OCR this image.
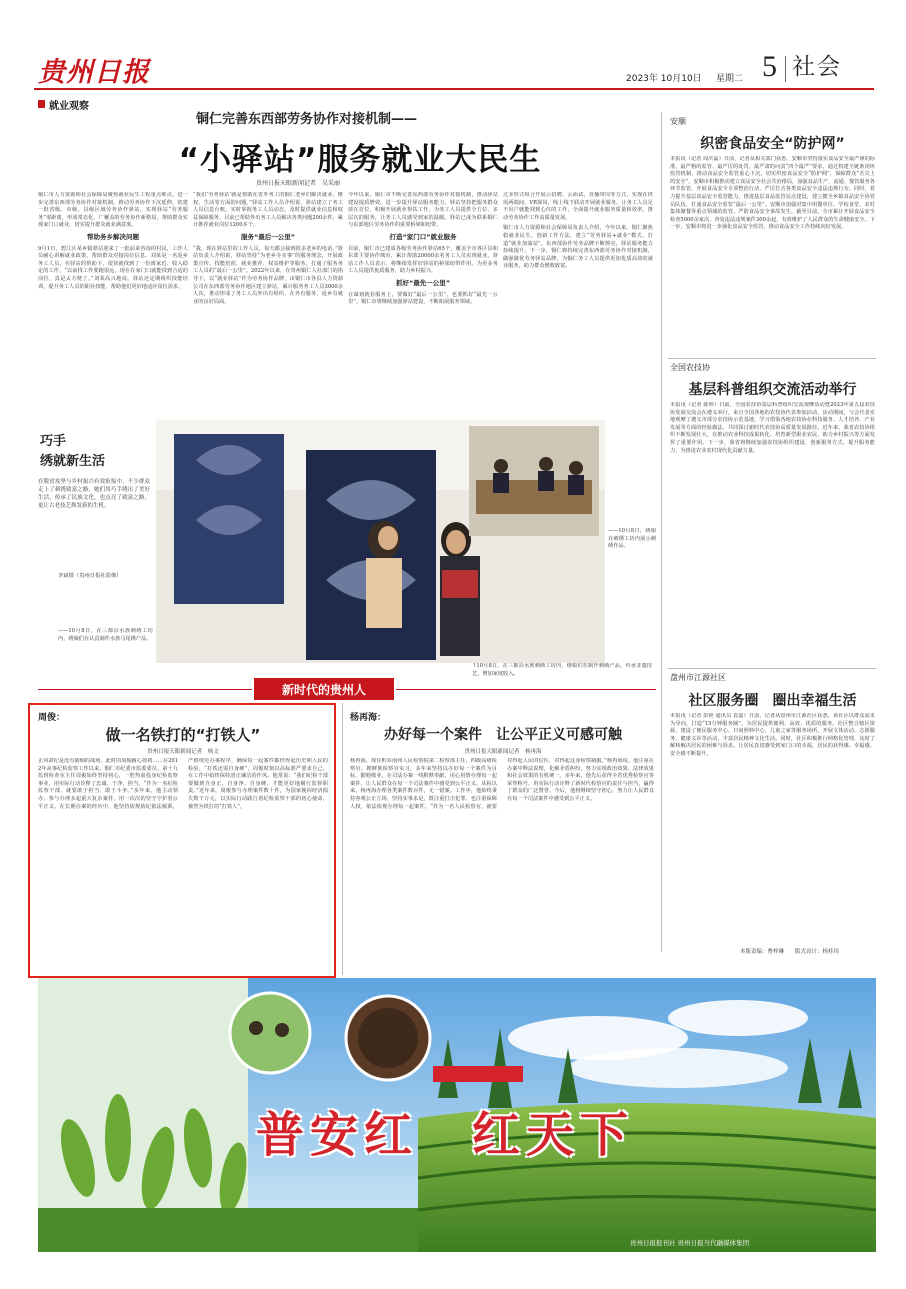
贵州日报	2023年 10月10日 星期二 5 社会
就业观察
铜仁完善东西部劳务协作对接机制——
“小驿站”服务就业大民生
贵州日报天眼新闻记者　吴采丽

铜仁市人力资源和社会保障局聚焦就业民生工程重点难点，进一步完善东西部劳务协作对接机制，推动劳务协作下沉延伸，铝建一批省级、市级、县级区域劳务协作驿站，实现驿站“劳务服务”零距离，形成常态化、广覆盖的劳务协作新格局，帮助群众实现家门口就业，切实提升群众就业满意度。

帮助务乡解决问题

9月1日，碧江区某乡镇驿站迎来了一批前来咨询的村民，工作人员耐心讲解就业政策，帮助群众对接岗位信息。刘某是一名返乡务工人员，在驿站的帮助下，很快就找到了一份离家近、收入稳定的工作。“以前找工作要跑很远，现在在家门口就能找到合适的岗位，真是太方便了。”刘某高兴地说。驿站还定期组织技能培训，提升务工人员的职业技能，帮助他们更好地适应岗位需求。

“我们‘劳务驿站’就是帮助在省外务工的铜仁老乡们解决就业、维权、生活等方面的问题。”驿站工作人员介绍说，驿站建立了务工人员信息台账，实时掌握务工人员动态，及时提供就业信息和权益保障服务。目前已帮助外出务工人员解决各类问题200余件，累计推荐就业岗位1200多个。

服务“最后一公里”

“我，现在驿站里的工作人员，每天都会接到很多老乡的电话。”驿站负责人介绍说，驿站坚持“为老乡办实事”的服务理念，开展政策宣传、技能培训、就业推荐、权益维护等服务，打通了服务务工人员的“最后一公里”。2022年以来，在贵州铜仁人社部门的指导下，以“就业驿站”作为劳务协作品牌，由铜仁市各县人力资源公司在东西部劳务协作地区建立驿站，累计服务务工人员3000余人次，推动形成了务工人员外出有组织、在外有服务、返乡有就业的良好局面。

今年以来，铜仁市不断完善东西部劳务协作对接机制，推动驿站建设提质增效，进一步提升驿站服务能力。驿站坚持把服务群众放在首位，积极开展就业帮扶工作，为务工人员提供全方位、多层次的服务，让务工人员感受到家的温暖。驿站已成为联系铜仁与东部地区劳务协作的重要桥梁和纽带。

打造“家门口”就业服务

目前，铜仁市已建成各级劳务协作驿站65个，覆盖全市各区县和东部主要协作城市，累计帮助20000余名务工人员实现就业。驿站工作人员表示，将继续发挥好驿站的桥梁纽带作用，为更多务工人员提供优质服务，助力乡村振兴。

抓好“最先一公里”

在谋划就业服务上，要做好“最后一公里”，也要抓好“最先一公里”。铜仁市将继续加强驿站建设，不断拓展服务领域。

过多形式组合开展云招聘、云面试、直播带岗等方式，实现在供需两端间、VR探岗，线上线下联动开展就业服务，让务工人员足不出户就能找到心仪的工作，全面提升就业服务质量和效率，推动劳务协作工作高质量发展。

铜仁市人力资源和社会保障局负责人介绍，今年以来，铜仁聚焦稳就业民生，创新工作方法，建立“劳务驿站+就业”模式，打造“就业加油站”，东西部协作劳务品牌不断擦亮，驿站服务能力持续提升。下一步，铜仁将持续完善东西部劳务协作对接机制，做强做优劳务驿站品牌，为铜仁务工人员提供更加优质高效的就业服务，助力群众增收致富。

巧手
绣就新生活
在脱贫攻坚与乡村振兴有效衔接中，不少群众走上了刺绣致富之路，她们用巧手绣出了美好生活，传承了民族文化，也点亮了致富之路，更让古老技艺焕发新的生机。
李斌摄（贵州日报社影像）
——10月8日，在三都县水族刺绣工坊内，绣娘们在认真制作水族马尾绣产品。
——10月8日，绣娘在刺绣工坊内展示刺绣作品。
↑10月8日，在三都县水族刺绣工坊内，绣娘们在制作刺绣产品，传承非遗技艺，增加家庭收入。
安顺
织密食品安全“防护网”
本报讯（记者 周庆磊）日前，记者从相关部门获悉，安顺市坚持落实食品安全最严谨的标准、最严格的监管、最严厉的处罚、最严肃的问责“四个最严”要求，通过构建全链条闭环监管机制、推动食品安全监管重心下沉，切实织密食品安全“防护网”，保障群众“舌尖上的安全”。安顺市积极推动建立食品安全社会共治格局，加强食品生产、流通、餐饮服务各环节监管，开展食品安全专项整治行动，严厉打击各类食品安全违法违规行为。同时，着力提升基层食品安全监管能力，推进基层食品监管站点建设，建立健全乡镇食品安全协管员队伍，打通食品安全监管“最后一公里”。安顺市加强对集中用餐单位、学校食堂、农村集体聚餐等重点领域的监管，严防食品安全事故发生。截至目前，全市累计开展食品安全检查5000余家次，查处违法违规案件300余起，有效维护了人民群众的生命健康安全。下一步，安顺市将进一步强化食品安全监管，推动食品安全工作持续向好发展。
全国农技协
基层科普组织交流活动举行
本报讯（记者 陈婷）日前，全国农技协基层科普组织交流观摩活动暨2023年第五届农技协发展交流会在遵义举行，来自全国各地的农技协代表参加活动。活动期间，与会代表实地观摩了遵义市部分农技协示范基地，学习借鉴各地农技协在科技服务、人才培养、产业发展等方面的经验做法，共同探讨新时代农技协高质量发展路径。近年来，我省农技协组织不断发展壮大，在推动农业科技成果转化、培育新型职业农民、助力乡村振兴等方面发挥了重要作用。下一步，我省将继续加强农技协组织建设，创新服务方式，提升服务能力，为推进农业农村现代化贡献力量。
盘州市江源社区
社区服务圈　圈出幸福生活
本报讯（记者 彭艳 通讯员 袁嘉）日前，记者从盘州市江源社区获悉，该社区以群众需求为导向，打造“15分钟服务圈”，为居民提供便利、高效、优质的服务。社区整合辖区资源，建设了便民服务中心、日间照料中心、儿童之家等服务场所，开展文体活动、志愿服务、健康义诊等活动，丰富居民精神文化生活。同时，社区积极推行网格化管理，及时了解和解决居民的困难与诉求，让居民真切感受到家门口的幸福，居民的获得感、幸福感、安全感不断提升。
本版责编：曹梓琳　　版式设计：杨桂玮
新时代的贵州人
周俊：
做一名铁打的“打铁人”
贵州日报天眼新闻记者　杨文
正风肃纪是没有硝烟的战场，此时的周俊耐心如初……在2012年从事纪检监察工作以来，铜仁市纪委市监委委员、第十九监督检查室主任周俊始终坚持初心，一腔热血投身纪检监察事业，用实际行动诠释了忠诚、干净、担当。“作为一名纪检监察干部，就要敢于担当、敢于斗争。”多年来，他主动领办、参与办理多起重大复杂案件，用一次次的坚守守护着公平正义。在长期办案的经历中，他坚持依规依纪依法履职，严格规范办案程序，确保每一起案件都经得起历史和人民的检验。“打铁还需自身硬”，周俊时刻以高标准严要求自己，在工作中始终保持清正廉洁的作风。他常说：“我们纪检干部要做到自身正、自身净、自身硬，才能更好地履行监督职责。”近年来，周俊参与办理案件数十件，为国家挽回经济损失数千万元，以实际行动践行着纪检监察干部的初心使命，被誉为铁打的“打铁人”。
杨再海：
办好每一个案件　让公平正义可感可触
贵州日报天眼新闻记者　杨再海
杨再海，现任黔东南州人民检察院第二检察部主任，四级高级检察官。朝鲜族检察官实习，多年来坚持以办好每一个案件为目标，勤勉敬业，在司法办案一线默默奉献，用心用情办理每一起案件，让人民群众在每一个司法案件中感受到公平正义。从检以来，杨再海办理各类案件数百件，无一错案。工作中，他始终秉持客观公正立场，坚持实事求是，既注重打击犯罪，也注重保障人权，依法依规办理每一起案件。“作为一名人民检察官，就要对得起人民的信任，对得起这身检察制服。”杨再海说。他注重在办案中释法说理，化解矛盾纠纷，努力实现政治效果、法律效果和社会效果的有机统一。多年来，他先后获得全省优秀检察官等荣誉称号，用实际行动诠释了新时代检察官的责任与担当，赢得了群众的广泛赞誉。今后，他将继续坚守初心，努力让人民群众在每一个司法案件中感受到公平正义。
普安红　红天下
贵州日报报刊社 贵州日报当代融媒体集团
